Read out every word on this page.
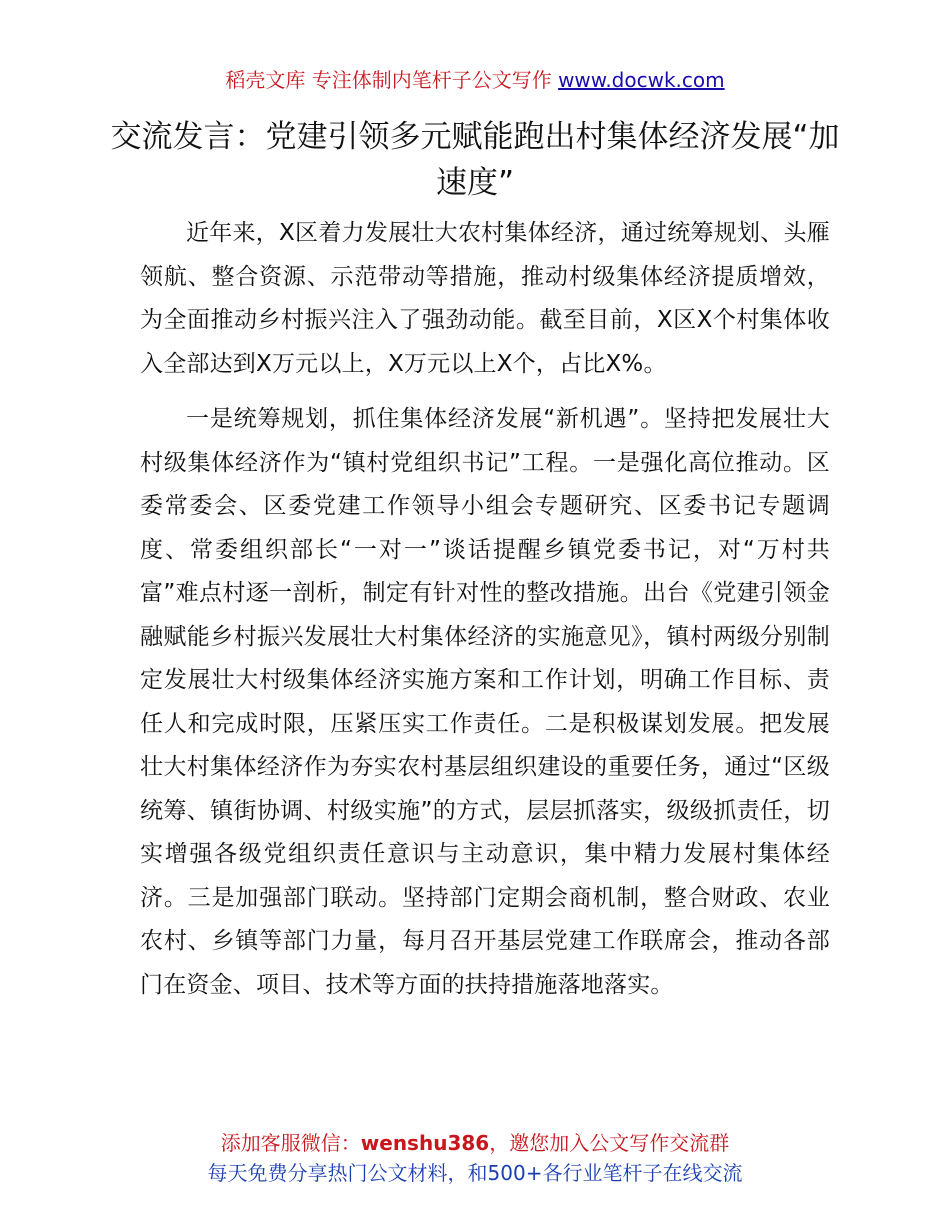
稻壳文库 专注体制内笔杆子公文写作 www.docwk.com
交流发言：党建引领多元赋能跑出村集体经济发展“加速度”

近年来，X区着力发展壮大农村集体经济，通过统筹规划、头雁领航、整合资源、示范带动等措施，推动村级集体经济提质增效，为全面推动乡村振兴注入了强劲动能。截至目前，X区X个村集体收入全部达到X万元以上，X万元以上X个，占比X%。

一是统筹规划，抓住集体经济发展“新机遇”。坚持把发展壮大村级集体经济作为“镇村党组织书记”工程。一是强化高位推动。区委常委会、区委党建工作领导小组会专题研究、区委书记专题调度、常委组织部长“一对一”谈话提醒乡镇党委书记，对“万村共富”难点村逐一剖析，制定有针对性的整改措施。出台《党建引领金融赋能乡村振兴发展壮大村集体经济的实施意见》，镇村两级分别制定发展壮大村级集体经济实施方案和工作计划，明确工作目标、责任人和完成时限，压紧压实工作责任。二是积极谋划发展。把发展壮大村集体经济作为夯实农村基层组织建设的重要任务，通过“区级统筹、镇街协调、村级实施”的方式，层层抓落实，级级抓责任，切实增强各级党组织责任意识与主动意识，集中精力发展村集体经济。三是加强部门联动。坚持部门定期会商机制，整合财政、农业农村、乡镇等部门力量，每月召开基层党建工作联席会，推动各部门在资金、项目、技术等方面的扶持措施落地落实。

添加客服微信：wenshu386，邀您加入公文写作交流群
每天免费分享热门公文材料，和500+各行业笔杆子在线交流
